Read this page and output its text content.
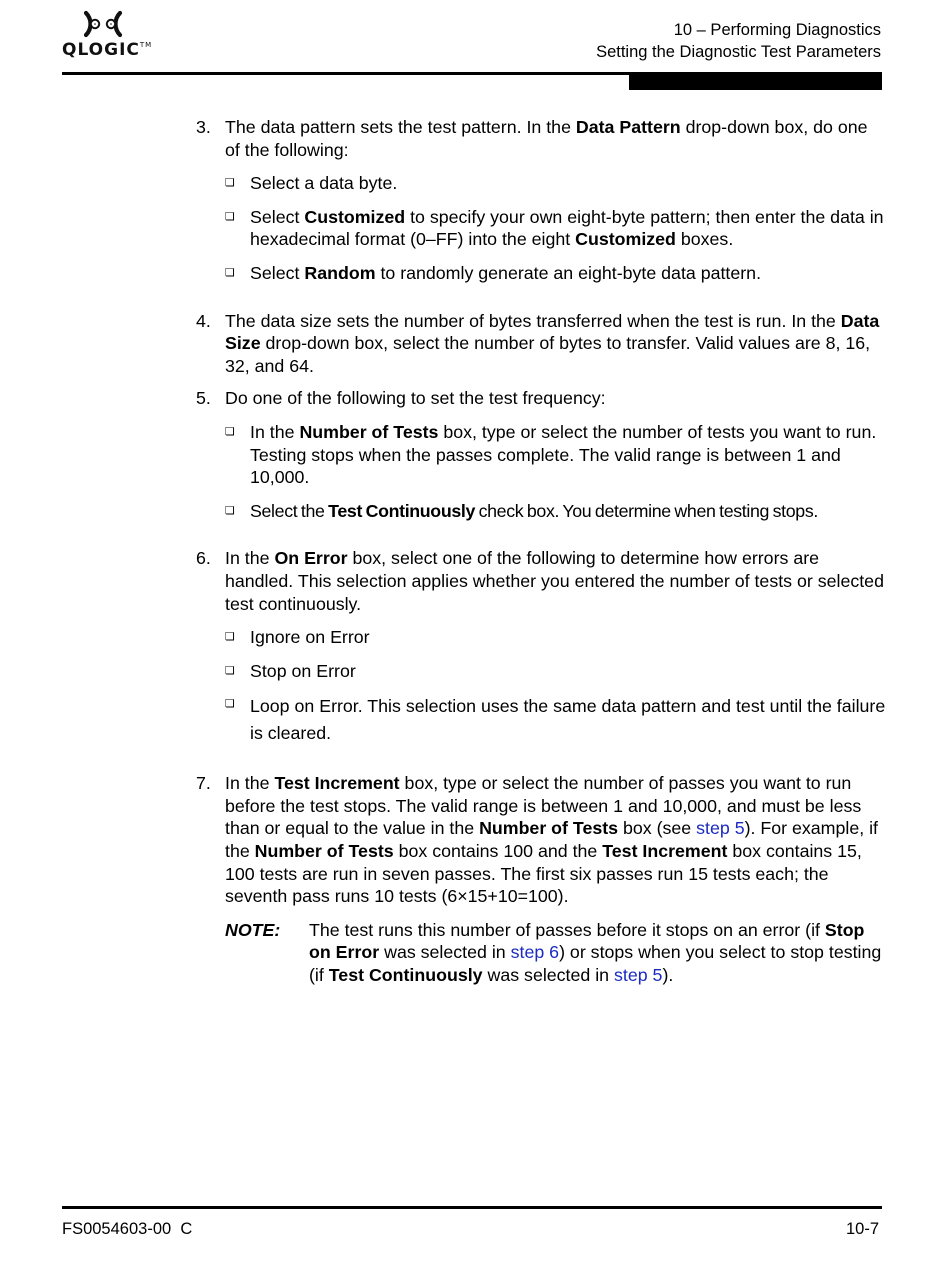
QLOGIC™
10 – Performing Diagnostics
Setting the Diagnostic Test Parameters
3. The data pattern sets the test pattern. In the Data Pattern drop-down box, do one of the following:

❏
Select a data byte.
❏
Select Customized to specify your own eight-byte pattern; then enter the data in hexadecimal format (0–FF) into the eight Customized boxes.
❏
Select Random to randomly generate an eight-byte data pattern.
4. The data size sets the number of bytes transferred when the test is run. In the Data Size drop-down box, select the number of bytes to transfer. Valid values are 8, 16, 32, and 64.

5. Do one of the following to set the test frequency:

❏
In the Number of Tests box, type or select the number of tests you want to run. Testing stops when the passes complete. The valid range is between 1 and 10,000.
❏
Select the Test Continuously check box. You determine when testing stops.
6. In the On Error box, select one of the following to determine how errors are handled. This selection applies whether you entered the number of tests or selected test continuously.

❏
Ignore on Error
❏
Stop on Error
❏
Loop on Error. This selection uses the same data pattern and test until the failure is cleared.
7. In the Test Increment box, type or select the number of passes you want to run before the test stops. The valid range is between 1 and 10,000, and must be less than or equal to the value in the Number of Tests box (see step 5). For example, if the Number of Tests box contains 100 and the Test Increment box contains 15, 100 tests are run in seven passes. The first six passes run 15 tests each; the seventh pass runs 10 tests (6×15+10=100).

NOTE:	The test runs this number of passes before it stops on an error (if Stop on Error was selected in step 6) or stops when you select to stop testing (if Test Continuously was selected in step 5).
FS0054603-00  C	10-7
